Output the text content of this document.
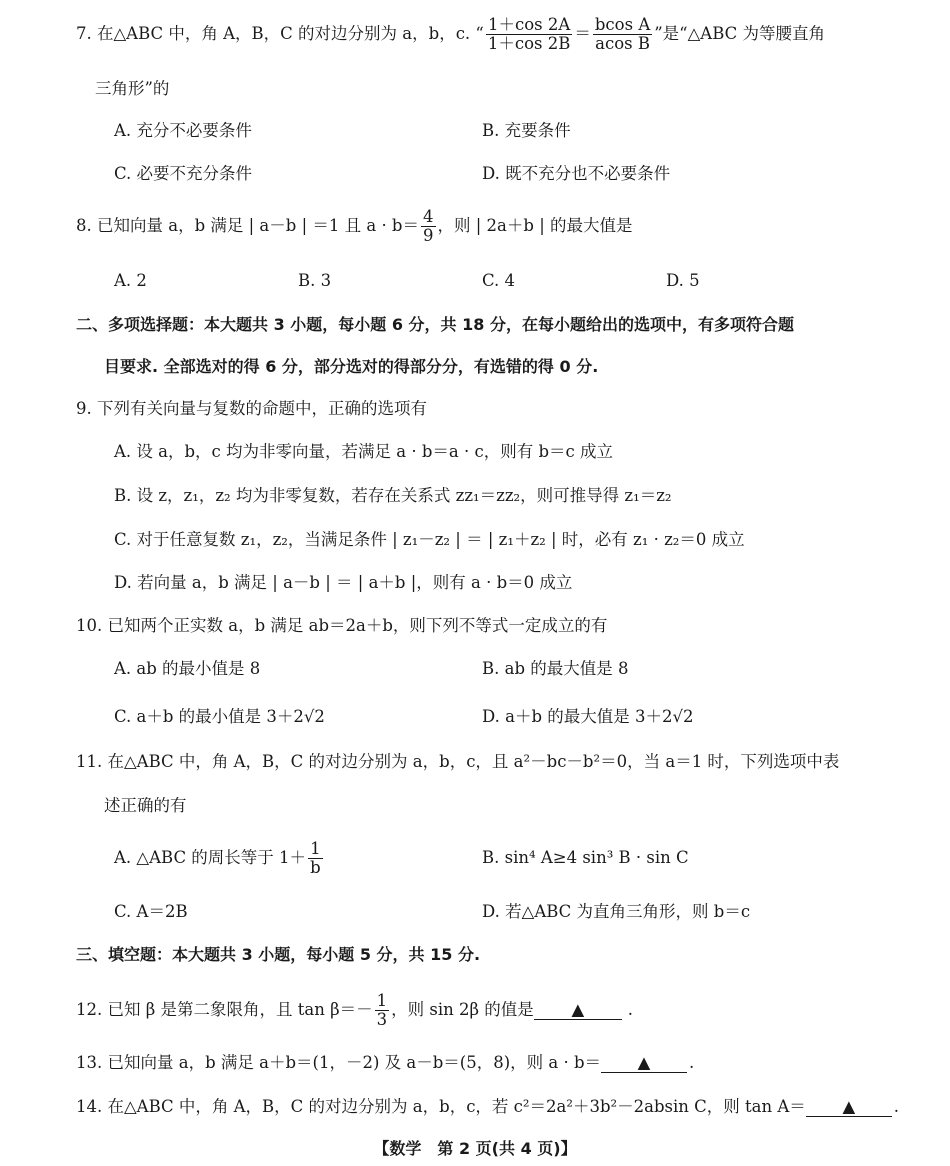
7. 在△ABC 中，角 A，B，C 的对边分别为 a，b，c. “ $\frac{1+\cos 2A}{1+\cos 2B} = \frac{\text{bcos A}}{\text{acos B}}$ ”是“△ABC 为等腰直角
三角形”的
A. 充分不必要条件	B. 充要条件
C. 必要不充分条件	D. 既不充分也不必要条件
8. 已知向量 a，b 满足 | a－b | ＝1 且 $a \cdot b= \frac{4}{9}$ ，则 | 2a＋b | 的最大值是
A. 2	B. 3	C. 4	D. 5
二、多项选择题：本大题共 3 小题，每小题 6 分，共 18 分，在每小题给出的选项中，有多项符合题
目要求. 全部选对的得 6 分，部分选对的得部分分，有选错的得 0 分.
9. 下列有关向量与复数的命题中，正确的选项有
A. 设 a，b，c 均为非零向量，若满足 a · b＝a · c，则有 b＝c 成立
B. 设 z，z₁，z₂ 均为非零复数，若存在关系式 zz₁＝zz₂，则可推导得 z₁＝z₂
C. 对于任意复数 z₁，z₂，当满足条件 | z₁－z₂ | ＝ | z₁＋z₂ | 时，必有 z₁ · z₂＝0 成立
D. 若向量 a，b 满足 | a－b | ＝ | a＋b |，则有 a · b＝0 成立
10. 已知两个正实数 a，b 满足 ab＝2a＋b，则下列不等式一定成立的有
A. ab 的最小值是 8	B. ab 的最大值是 8
C. a＋b 的最小值是 3＋2√2	D. a＋b 的最大值是 3＋2√2
11. 在△ABC 中，角 A，B，C 的对边分别为 a，b，c，且 a²－bc－b²＝0，当 a＝1 时，下列选项中表
述正确的有
A. △ABC 的周长等于 $1+ \frac{1}{b}$	B. sin⁴ A≥4 sin³ B · sin C
C. A＝2B	D. 若△ABC 为直角三角形，则 b＝c
三、填空题：本大题共 3 小题，每小题 5 分，共 15 分.
12. 已知 β 是第二象限角，且 $\tan \beta=- \frac{1}{3}$ ，则 sin 2β 的值是 ▲	.
13. 已知向量 a，b 满足 a＋b＝(1，－2) 及 a－b＝(5，8)，则 a · b＝ ▲ .
14. 在△ABC 中，角 A，B，C 的对边分别为 a，b，c，若 c²＝2a²＋3b²－2absin C，则 tan A＝ ▲ .
【数学　第 2 页(共 4 页)】
